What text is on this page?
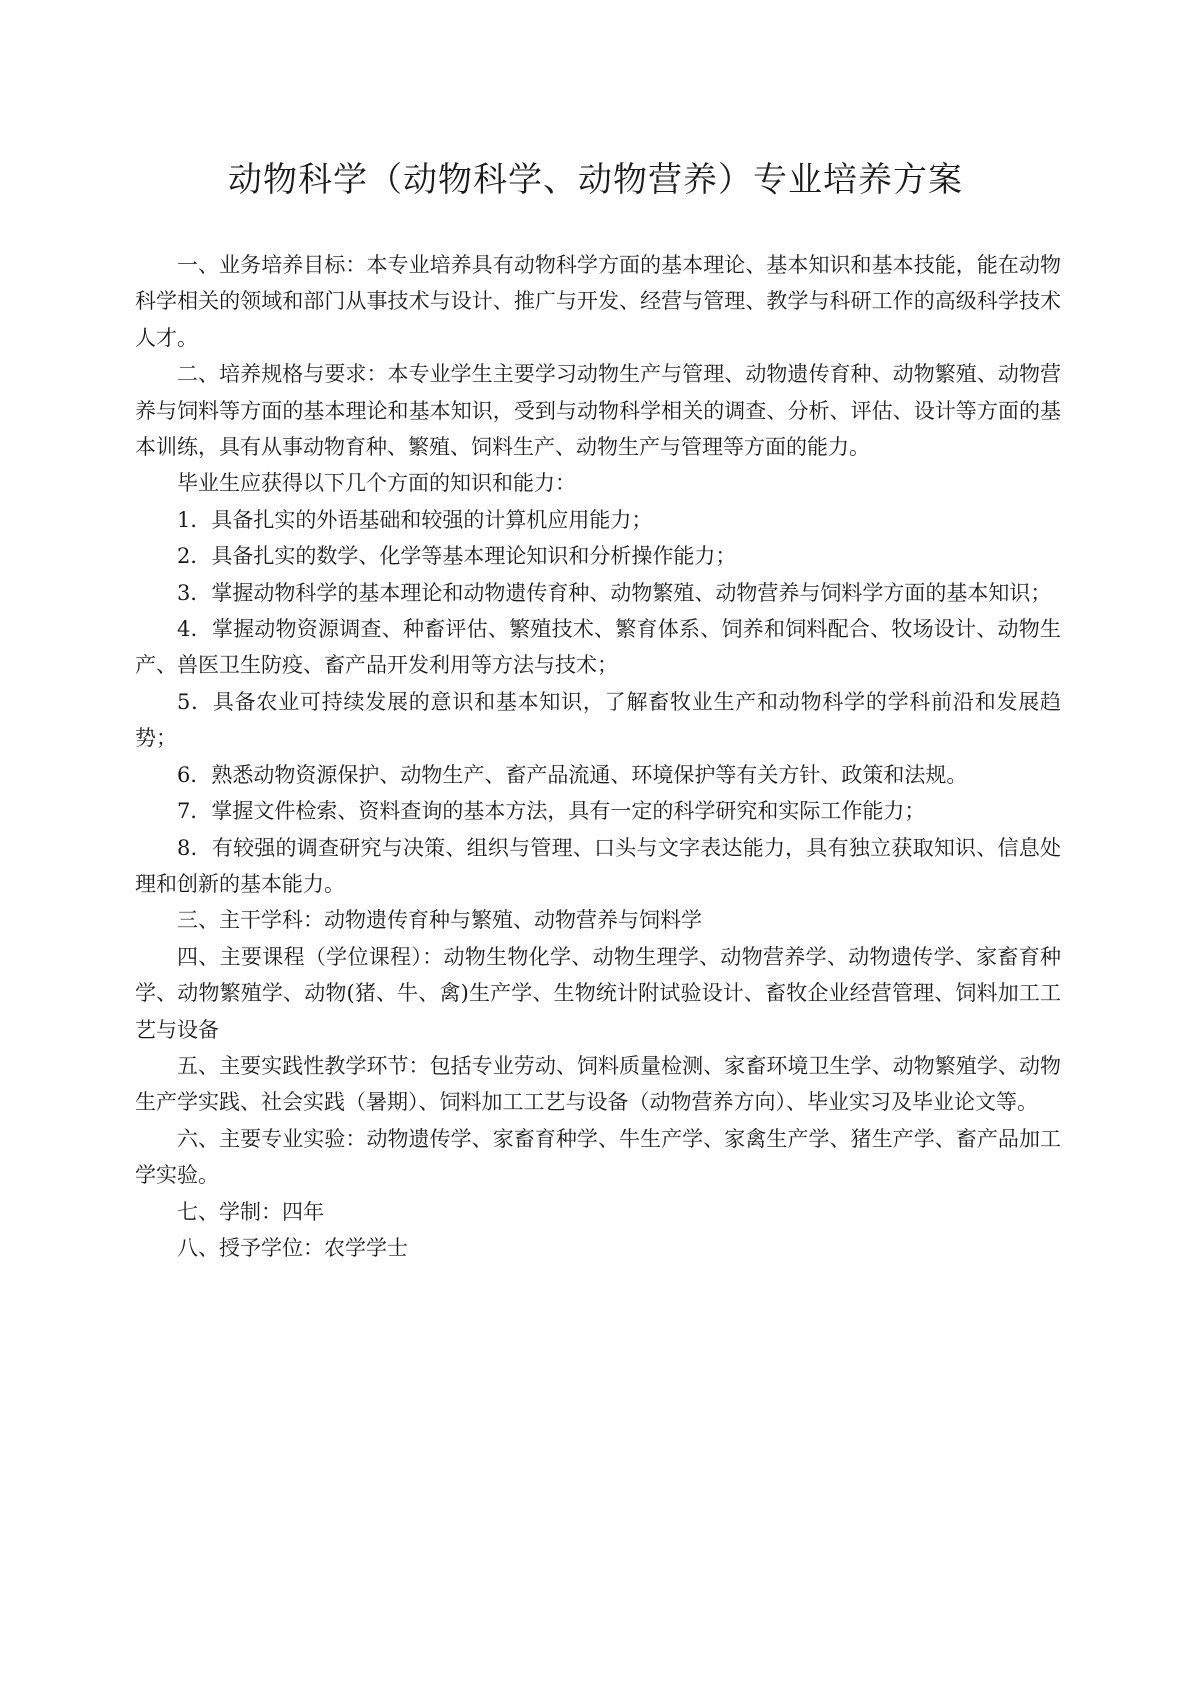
动物科学（动物科学、动物营养）专业培养方案

一、业务培养目标：本专业培养具有动物科学方面的基本理论、基本知识和基本技能，能在动物科学相关的领域和部门从事技术与设计、推广与开发、经营与管理、教学与科研工作的高级科学技术人才。

二、培养规格与要求：本专业学生主要学习动物生产与管理、动物遗传育种、动物繁殖、动物营养与饲料等方面的基本理论和基本知识，受到与动物科学相关的调查、分析、评估、设计等方面的基本训练，具有从事动物育种、繁殖、饲料生产、动物生产与管理等方面的能力。

毕业生应获得以下几个方面的知识和能力：

1．具备扎实的外语基础和较强的计算机应用能力；

2．具备扎实的数学、化学等基本理论知识和分析操作能力；

3．掌握动物科学的基本理论和动物遗传育种、动物繁殖、动物营养与饲料学方面的基本知识；

4．掌握动物资源调查、种畜评估、繁殖技术、繁育体系、饲养和饲料配合、牧场设计、动物生产、兽医卫生防疫、畜产品开发利用等方法与技术；

5．具备农业可持续发展的意识和基本知识，了解畜牧业生产和动物科学的学科前沿和发展趋势；

6．熟悉动物资源保护、动物生产、畜产品流通、环境保护等有关方针、政策和法规。

7．掌握文件检索、资料查询的基本方法，具有一定的科学研究和实际工作能力；

8．有较强的调查研究与决策、组织与管理、口头与文字表达能力，具有独立获取知识、信息处理和创新的基本能力。

三、主干学科：动物遗传育种与繁殖、动物营养与饲料学

四、主要课程（学位课程）：动物生物化学、动物生理学、动物营养学、动物遗传学、家畜育种学、动物繁殖学、动物(猪、牛、禽)生产学、生物统计附试验设计、畜牧企业经营管理、饲料加工工艺与设备

五、主要实践性教学环节：包括专业劳动、饲料质量检测、家畜环境卫生学、动物繁殖学、动物生产学实践、社会实践（暑期）、饲料加工工艺与设备（动物营养方向）、毕业实习及毕业论文等。

六、主要专业实验：动物遗传学、家畜育种学、牛生产学、家禽生产学、猪生产学、畜产品加工学实验。

七、学制：四年

八、授予学位：农学学士
